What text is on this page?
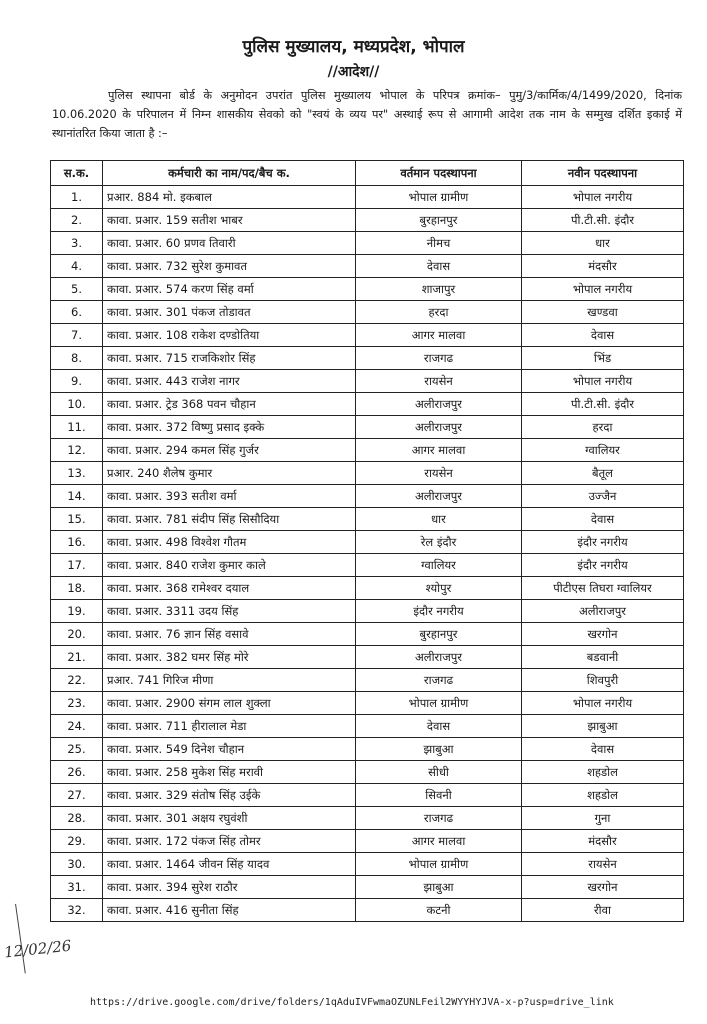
पुलिस मुख्यालय, मध्यप्रदेश, भोपाल
//आदेश//
पुलिस स्थापना बोर्ड के अनुमोदन उपरांत पुलिस मुख्यालय भोपाल के परिपत्र क्रमांक– पुमु/3/कार्मिक/4/1499/2020, दिनांक 10.06.2020 के परिपालन में निम्न शासकीय सेवको को "स्वयं के व्यय पर" अस्थाई रूप से आगामी आदेश तक नाम के सम्मुख दर्शित इकाई में स्थानांतरित किया जाता है :–
स.क.	कर्मचारी का नाम/पद/बैच क.	वर्तमान पदस्थापना	नवीन पदस्थापना
1.	प्रआर. 884 मो. इकबाल	भोपाल ग्रामीण	भोपाल नगरीय
2.	कावा. प्रआर. 159 सतीश भाबर	बुरहानपुर	पी.टी.सी. इंदौर
3.	कावा. प्रआर. 60 प्रणव तिवारी	नीमच	धार
4.	कावा. प्रआर. 732 सुरेश कुमावत	देवास	मंदसौर
5.	कावा. प्रआर. 574 करण सिंह वर्मा	शाजापुर	भोपाल नगरीय
6.	कावा. प्रआर. 301 पंकज तोडावत	हरदा	खण्डवा
7.	कावा. प्रआर. 108 राकेश दण्डोतिया	आगर मालवा	देवास
8.	कावा. प्रआर. 715 राजकिशोर सिंह	राजगढ	भिंड
9.	कावा. प्रआर. 443 राजेश नागर	रायसेन	भोपाल नगरीय
10.	कावा. प्रआर. ट्रेड 368 पवन चौहान	अलीराजपुर	पी.टी.सी. इंदौर
11.	कावा. प्रआर. 372 विष्णु प्रसाद इक्के	अलीराजपुर	हरदा
12.	कावा. प्रआर. 294 कमल सिंह गुर्जर	आगर मालवा	ग्वालियर
13.	प्रआर. 240 शैलेष कुमार	रायसेन	बैतूल
14.	कावा. प्रआर. 393 सतीश वर्मा	अलीराजपुर	उज्जैन
15.	कावा. प्रआर. 781 संदीप सिंह सिसौदिया	धार	देवास
16.	कावा. प्रआर. 498 विश्वेश गौतम	रेल इंदौर	इंदौर नगरीय
17.	कावा. प्रआर. 840 राजेश कुमार काले	ग्वालियर	इंदौर नगरीय
18.	कावा. प्रआर. 368 रामेश्वर दयाल	श्योपुर	पीटीएस तिघरा ग्वालियर
19.	कावा. प्रआर. 3311 उदय सिंह	इंदौर नगरीय	अलीराजपुर
20.	कावा. प्रआर. 76 ज्ञान सिंह वसावे	बुरहानपुर	खरगोन
21.	कावा. प्रआर. 382 घमर सिंह मोरे	अलीराजपुर	बडवानी
22.	प्रआर. 741 गिरिज मीणा	राजगढ	शिवपुरी
23.	कावा. प्रआर. 2900 संगम लाल शुक्ला	भोपाल ग्रामीण	भोपाल नगरीय
24.	कावा. प्रआर. 711 हीरालाल मेडा	देवास	झाबुआ
25.	कावा. प्रआर. 549 दिनेश चौहान	झाबुआ	देवास
26.	कावा. प्रआर. 258 मुकेश सिंह मरावी	सीधी	शहडोल
27.	कावा. प्रआर. 329 संतोष सिंह उईके	सिवनी	शहडोल
28.	कावा. प्रआर. 301 अक्षय रघुवंशी	राजगढ	गुना
29.	कावा. प्रआर. 172 पंकज सिंह तोमर	आगर मालवा	मंदसौर
30.	कावा. प्रआर. 1464 जीवन सिंह यादव	भोपाल ग्रामीण	रायसेन
31.	कावा. प्रआर. 394 सुरेश राठौर	झाबुआ	खरगोन
32.	कावा. प्रआर. 416 सुनीता सिंह	कटनी	रीवा
12/02/26
https://drive.google.com/drive/folders/1qAduIVFwmaOZUNLFeil2WYYHYJVA-x-p?usp=drive_link
